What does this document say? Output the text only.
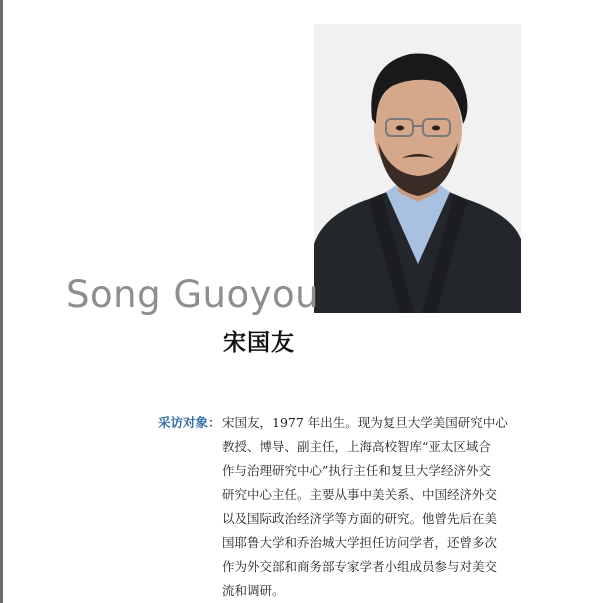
Song Guoyou
宋国友
采访对象： 宋国友，1977 年出生。现为复旦大学美国研究中心
教授、博导、副主任，上海高校智库“亚太区域合
作与治理研究中心”执行主任和复旦大学经济外交
研究中心主任。主要从事中美关系、中国经济外交
以及国际政治经济学等方面的研究。他曾先后在美
国耶鲁大学和乔治城大学担任访问学者，还曾多次
作为外交部和商务部专家学者小组成员参与对美交
流和调研。
